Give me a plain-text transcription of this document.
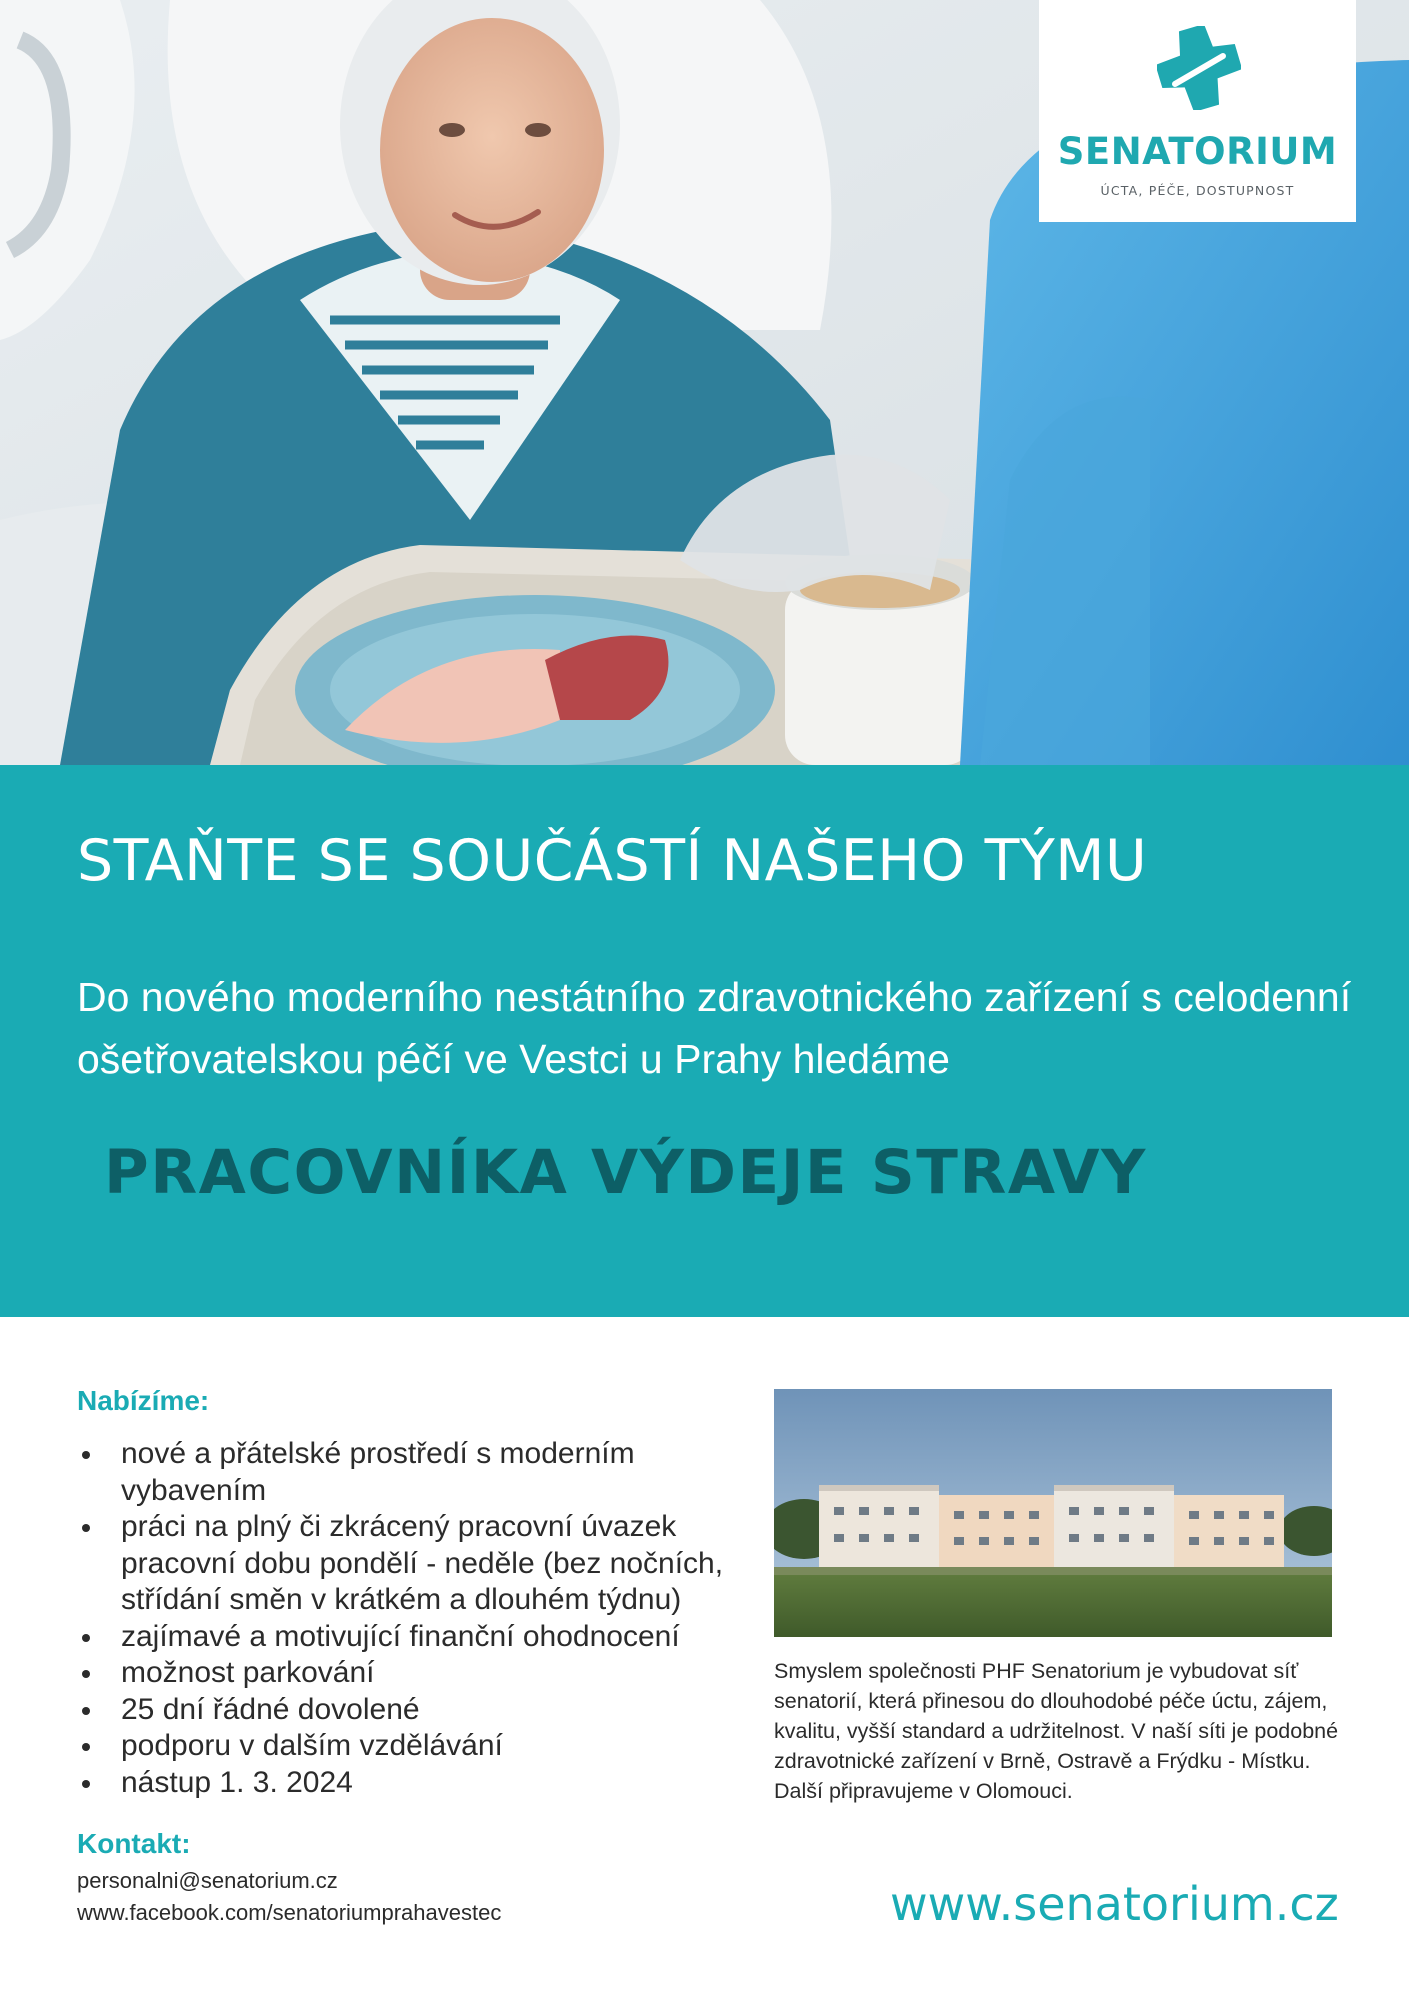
SENATORIUM
ÚCTA, PÉČE, DOSTUPNOST
STAŇTE SE SOUČÁSTÍ NAŠEHO TÝMU

Do nového moderního nestátního zdravotnického zařízení s celodenní ošetřovatelskou péčí ve Vestci u Prahy hledáme

PRACOVNÍKA VÝDEJE STRAVY
Nabízíme:
nové a přátelské prostředí s moderním vybavením
práci na plný či zkrácený pracovní úvazek pracovní dobu pondělí - neděle (bez nočních, střídání směn v krátkém a dlouhém týdnu)
zajímavé a motivující finanční ohodnocení
možnost parkování
25 dní řádné dovolené
podporu v dalším vzdělávání
nástup 1. 3. 2024
Kontakt:

personalni@senatorium.cz

www.facebook.com/senatoriumprahavestec

Smyslem společnosti PHF Senatorium je vybudovat síť senatorií, která přinesou do dlouhodobé péče úctu, zájem, kvalitu, vyšší standard a udržitelnost. V naší síti je podobné zdravotnické zařízení v Brně, Ostravě a Frýdku - Místku. Další připravujeme v Olomouci.

www.senatorium.cz
